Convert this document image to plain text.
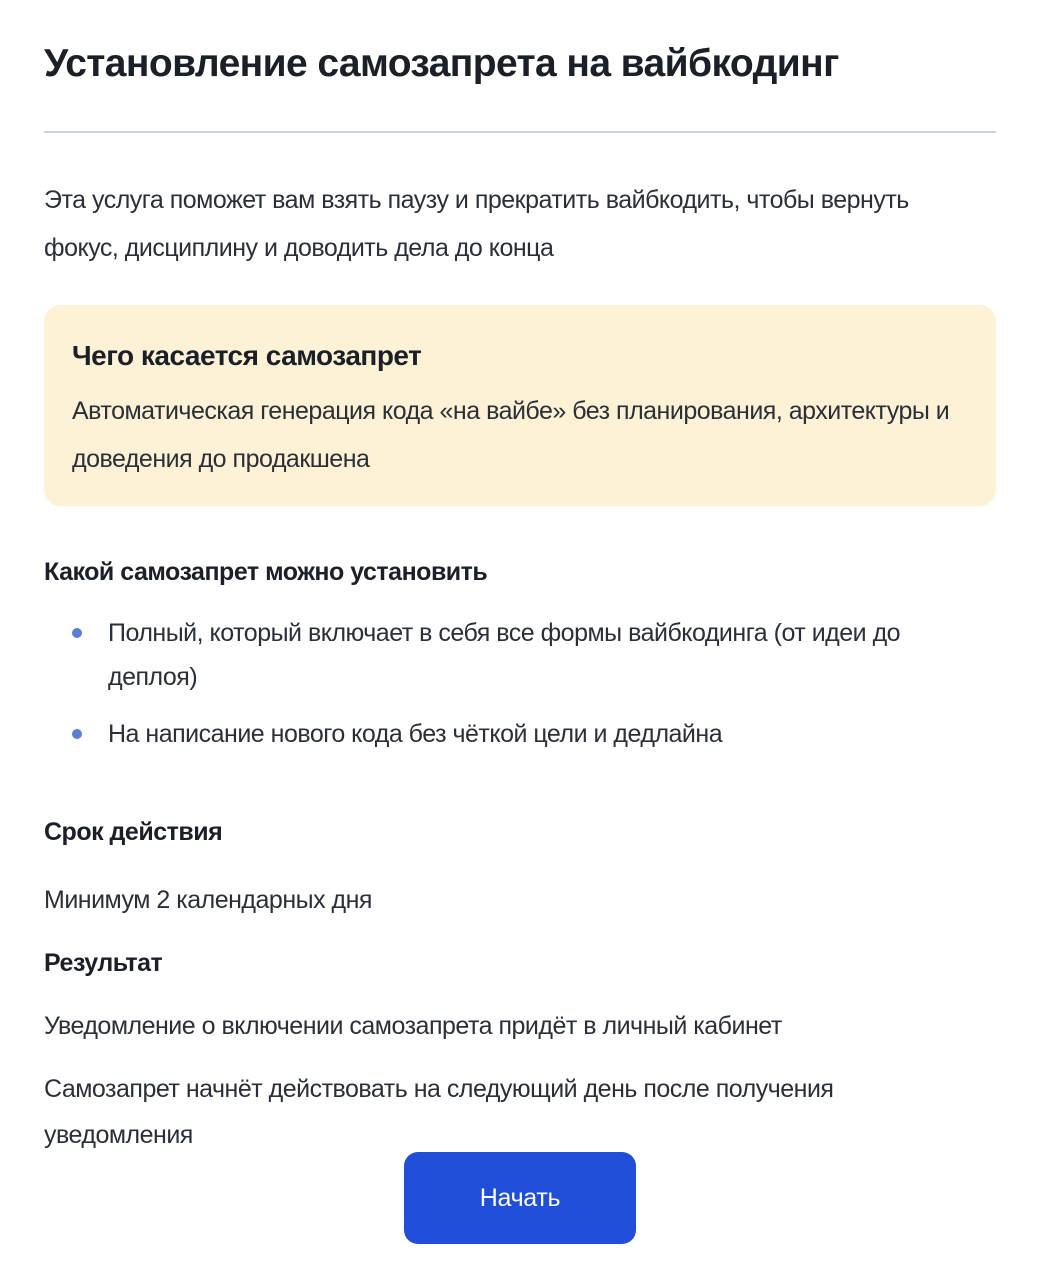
Установление самозапрета на вайбкодинг

Эта услуга поможет вам взять паузу и прекратить вайбкодить, чтобы вернуть фокус, дисциплину и доводить дела до конца

Чего касается самозапрет

Автоматическая генерация кода «на вайбе» без планирования, архитектуры и доведения до продакшена

Какой самозапрет можно установить
Полный, который включает в себя все формы вайбкодинга (от идеи до деплоя)
На написание нового кода без чёткой цели и дедлайна
Срок действия

Минимум 2 календарных дня

Результат

Уведомление о включении самозапрета придёт в личный кабинет

Самозапрет начнёт действовать на следующий день после получения уведомления

Начать
